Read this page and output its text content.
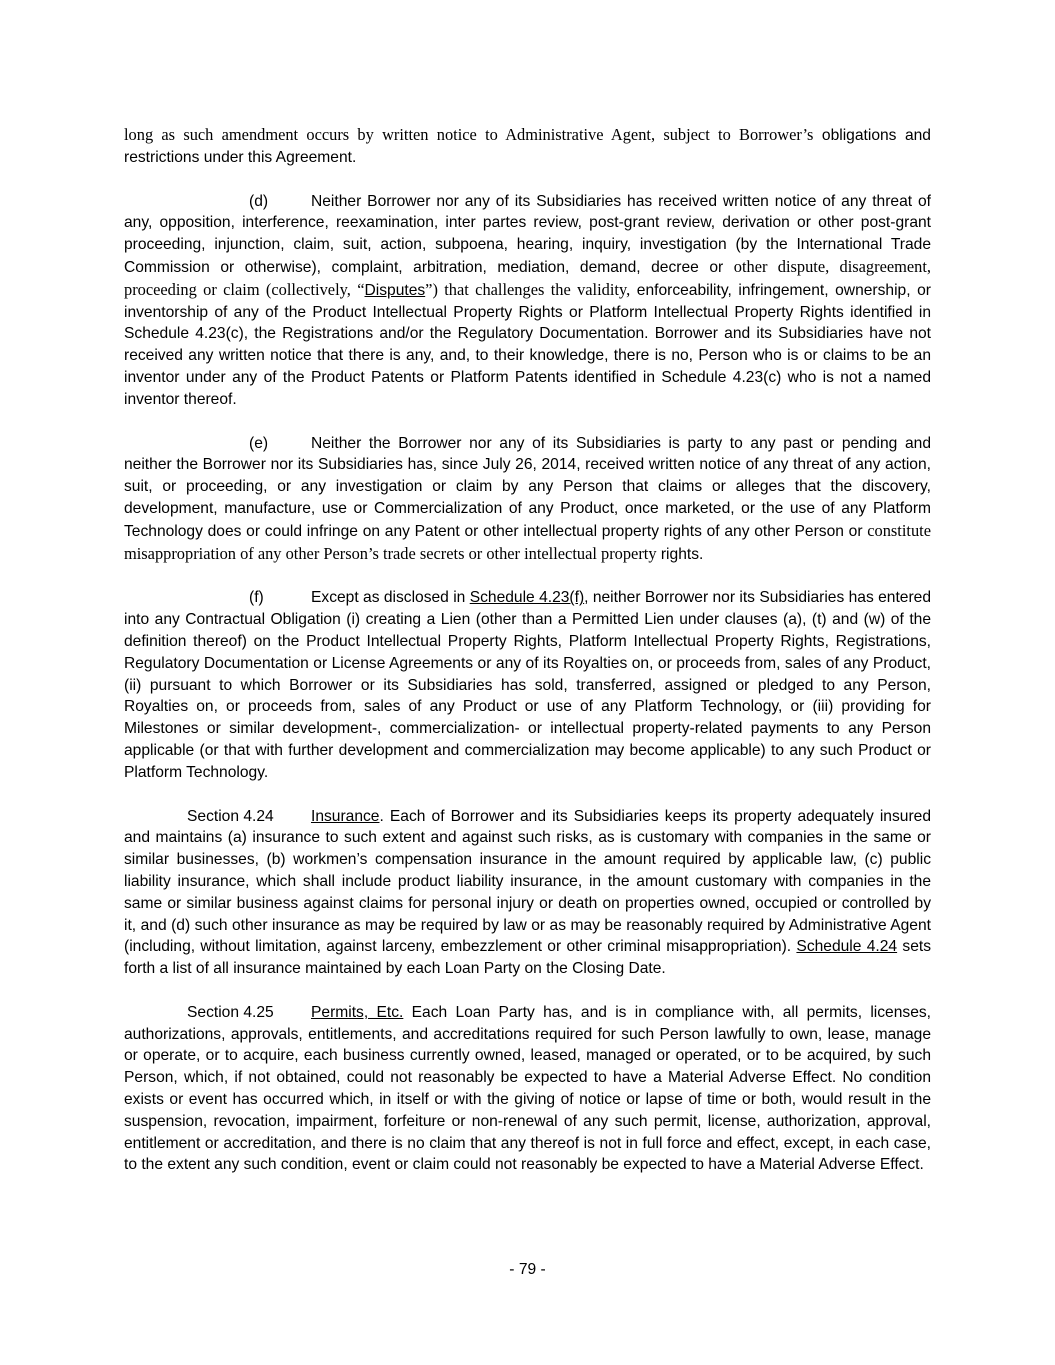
long as such amendment occurs by written notice to Administrative Agent, subject to Borrower’s obligations and restrictions under this Agreement.

(d)	Neither Borrower nor any of its Subsidiaries has received written notice of any threat of any, opposition, interference, reexamination, inter partes review, post-grant review, derivation or other post-grant proceeding, injunction, claim, suit, action, subpoena, hearing, inquiry, investigation (by the International Trade Commission or otherwise), complaint, arbitration, mediation, demand, decree or other dispute, disagreement, proceeding or claim (collectively, “Disputes”) that challenges the validity, enforceability, infringement, ownership, or inventorship of any of the Product Intellectual Property Rights or Platform Intellectual Property Rights identified in Schedule 4.23(c), the Registrations and/or the Regulatory Documentation. Borrower and its Subsidiaries have not received any written notice that there is any, and, to their knowledge, there is no, Person who is or claims to be an inventor under any of the Product Patents or Platform Patents identified in Schedule 4.23(c) who is not a named inventor thereof.

(e)	Neither the Borrower nor any of its Subsidiaries is party to any past or pending and neither the Borrower nor its Subsidiaries has, since July 26, 2014, received written notice of any threat of any action, suit, or proceeding, or any investigation or claim by any Person that claims or alleges that the discovery, development, manufacture, use or Commercialization of any Product, once marketed, or the use of any Platform Technology does or could infringe on any Patent or other intellectual property rights of any other Person or constitute misappropriation of any other Person’s trade secrets or other intellectual property rights.

(f)	Except as disclosed in Schedule 4.23(f), neither Borrower nor its Subsidiaries has entered into any Contractual Obligation (i) creating a Lien (other than a Permitted Lien under clauses (a), (t) and (w) of the definition thereof) on the Product Intellectual Property Rights, Platform Intellectual Property Rights, Registrations, Regulatory Documentation or License Agreements or any of its Royalties on, or proceeds from, sales of any Product, (ii) pursuant to which Borrower or its Subsidiaries has sold, transferred, assigned or pledged to any Person, Royalties on, or proceeds from, sales of any Product or use of any Platform Technology, or (iii) providing for Milestones or similar development-, commercialization- or intellectual property-related payments to any Person applicable (or that with further development and commercialization may become applicable) to any such Product or Platform Technology.

Section 4.24 Insurance. Each of Borrower and its Subsidiaries keeps its property adequately insured and maintains (a) insurance to such extent and against such risks, as is customary with companies in the same or similar businesses, (b) workmen’s compensation insurance in the amount required by applicable law, (c) public liability insurance, which shall include product liability insurance, in the amount customary with companies in the same or similar business against claims for personal injury or death on properties owned, occupied or controlled by it, and (d) such other insurance as may be required by law or as may be reasonably required by Administrative Agent (including, without limitation, against larceny, embezzlement or other criminal misappropriation). Schedule 4.24 sets forth a list of all insurance maintained by each Loan Party on the Closing Date.

Section 4.25 Permits, Etc. Each Loan Party has, and is in compliance with, all permits, licenses, authorizations, approvals, entitlements, and accreditations required for such Person lawfully to own, lease, manage or operate, or to acquire, each business currently owned, leased, managed or operated, or to be acquired, by such Person, which, if not obtained, could not reasonably be expected to have a Material Adverse Effect. No condition exists or event has occurred which, in itself or with the giving of notice or lapse of time or both, would result in the suspension, revocation, impairment, forfeiture or non-renewal of any such permit, license, authorization, approval, entitlement or accreditation, and there is no claim that any thereof is not in full force and effect, except, in each case, to the extent any such condition, event or claim could not reasonably be expected to have a Material Adverse Effect.

- 79 -
